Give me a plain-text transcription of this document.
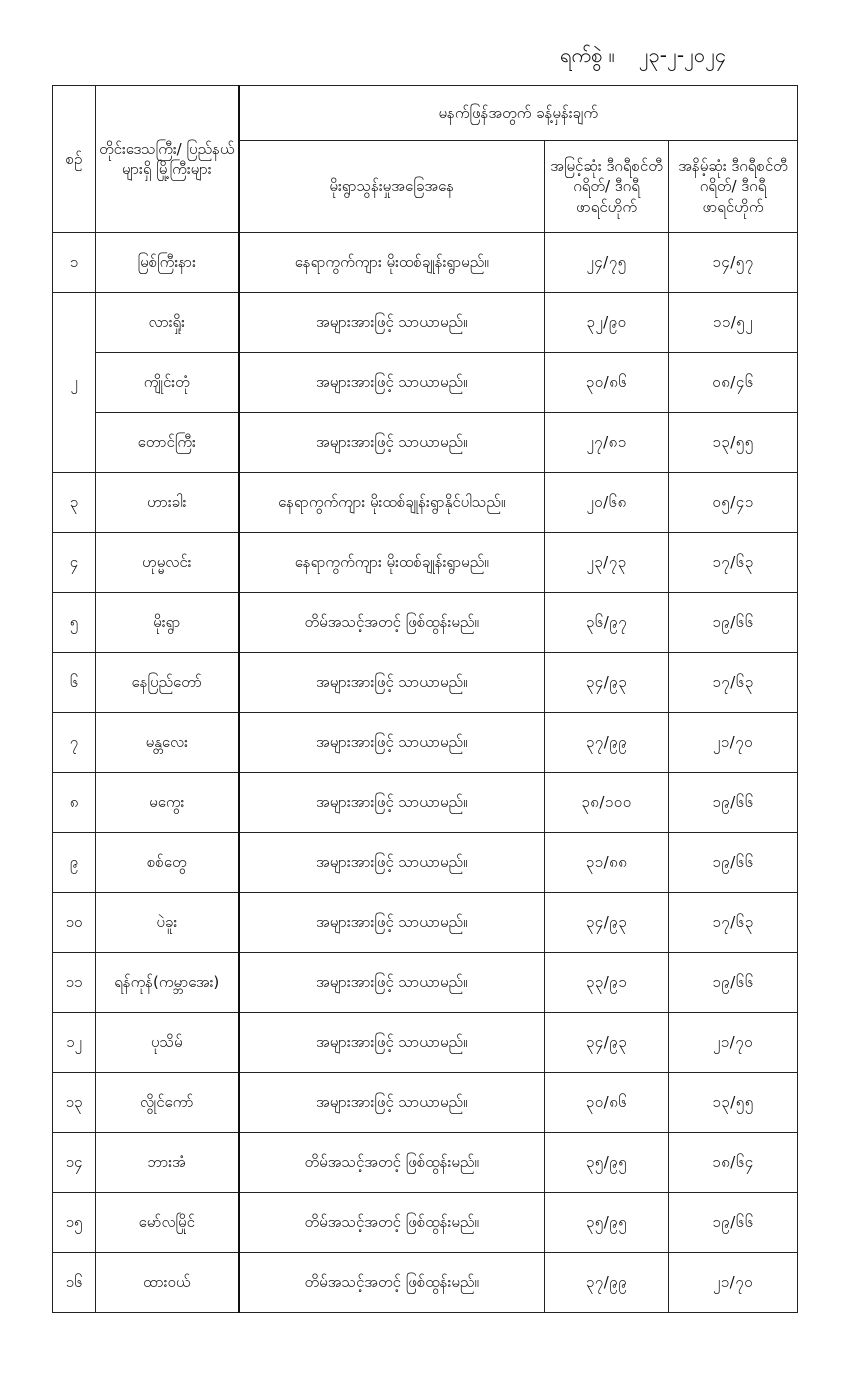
ရက်စွဲ ။ ၂၃-၂-၂၀၂၄
စဉ်	တိုင်းဒေသကြီး/ ပြည်နယ်များရှိ မြို့ကြီးများ	မနက်ဖြန်အတွက် ခန့်မှန်းချက်		
		မိုးရွာသွန်းမှုအခြေအနေ	အမြင့်ဆုံး ဒီဂရီစင်တီဂရိတ်/ ဒီဂရီဖာရင်ဟိုက်	အနိမ့်ဆုံး ဒီဂရီစင်တီဂရိတ်/ ဒီဂရီဖာရင်ဟိုက်
၁	မြစ်ကြီးနား	နေရာကွက်ကျား မိုးထစ်ချုန်းရွာမည်။	၂၄/၇၅	၁၄/၅၇
၂	လားရှိုး	အများအားဖြင့် သာယာမည်။	၃၂/၉၀	၁၁/၅၂
	ကျိုင်းတုံ	အများအားဖြင့် သာယာမည်။	၃၀/၈၆	၀၈/၄၆
	တောင်ကြီး	အများအားဖြင့် သာယာမည်။	၂၇/၈၁	၁၃/၅၅
၃	ဟားခါး	နေရာကွက်ကျား မိုးထစ်ချုန်းရွာနိုင်ပါသည်။	၂၀/၆၈	၀၅/၄၁
၄	ဟုမ္မလင်း	နေရာကွက်ကျား မိုးထစ်ချုန်းရွာမည်။	၂၃/၇၃	၁၇/၆၃
၅	မိုးရွာ	တိမ်အသင့်အတင့် ဖြစ်ထွန်းမည်။	၃၆/၉၇	၁၉/၆၆
၆	နေပြည်တော်	အများအားဖြင့် သာယာမည်။	၃၄/၉၃	၁၇/၆၃
၇	မန္တလေး	အများအားဖြင့် သာယာမည်။	၃၇/၉၉	၂၁/၇၀
၈	မကွေး	အများအားဖြင့် သာယာမည်။	၃၈/၁၀၀	၁၉/၆၆
၉	စစ်တွေ	အများအားဖြင့် သာယာမည်။	၃၁/၈၈	၁၉/၆၆
၁၀	ပဲခူး	အများအားဖြင့် သာယာမည်။	၃၄/၉၃	၁၇/၆၃
၁၁	ရန်ကုန်(ကမ္ဘာအေး)	အများအားဖြင့် သာယာမည်။	၃၃/၉၁	၁၉/၆၆
၁၂	ပုသိမ်	အများအားဖြင့် သာယာမည်။	၃၄/၉၃	၂၁/၇၀
၁၃	လွိုင်ကော်	အများအားဖြင့် သာယာမည်။	၃၀/၈၆	၁၃/၅၅
၁၄	ဘားအံ	တိမ်အသင့်အတင့် ဖြစ်ထွန်းမည်။	၃၅/၉၅	၁၈/၆၄
၁၅	မော်လမြိုင်	တိမ်အသင့်အတင့် ဖြစ်ထွန်းမည်။	၃၅/၉၅	၁၉/၆၆
၁၆	ထားဝယ်	တိမ်အသင့်အတင့် ဖြစ်ထွန်းမည်။	၃၇/၉၉	၂၁/၇၀
